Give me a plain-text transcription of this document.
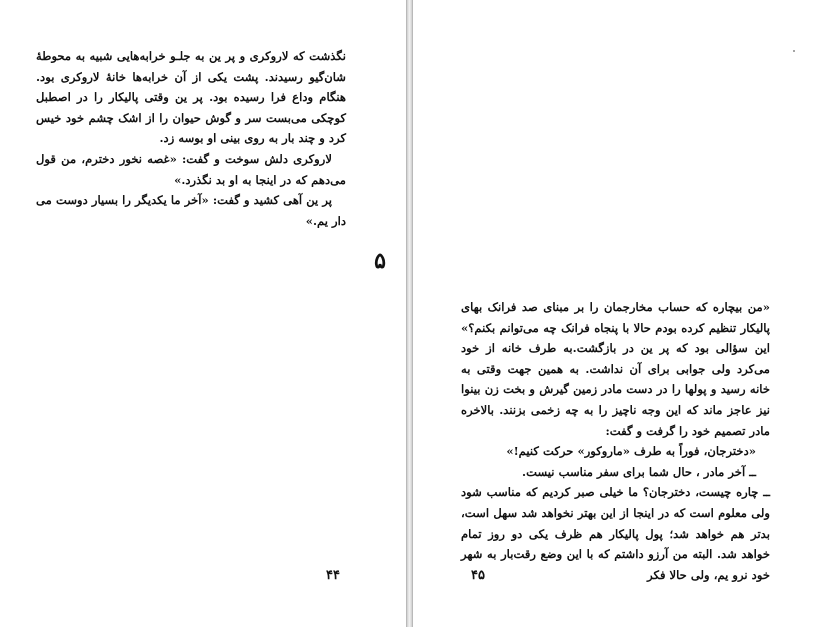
نگذشت که لاروکری و پر ین به جلـو خرابه‌هایی شبیه به محوطهٔ شان‌گیو رسیدند. پشت یکی از آن خرابه‌ها خانهٔ لاروکری بود. هنگام وداع فرا رسیده بود. پر ین وقتی پالیکار را در اصطبل کوچکی می‌بست سر و گوش حیوان را از اشک چشم خود خیس کرد و چند بار به روی بینی او بوسه زد.

لاروکری دلش سوخت و گفت: «غصه نخور دخترم، من قول می‌دهم که در اینجا به او بد نگذرد.»

پر ین آهی کشید و گفت: «آخر ما یکدیگر را بسیار دوست می دار یم.»

۴۴
۵

«من بیچاره که حساب مخارجمان را بر مبنای صد فرانک بهای پالیکار تنظیم کرده بودم حالا با پنجاه فرانک چه می‌توانم بکنم؟» این سؤالی بود که پر ین در بازگشت.به طرف خانه از خود می‌کرد ولی جوابی برای آن نداشت. به همین جهت وقتی به خانه رسید و پولها را در دست مادر زمین گیرش و بخت زن بینوا نیز عاجز ماند که این وجه ناچیز را به چه زخمی بزنند. بالاخره مادر تصمیم خود را گرفت و گفت:

«دخترجان، فوراً به طرف «ماروکور» حرکت کنیم!»

ــ آخر مادر ، حال شما برای سفر مناسب نیست.

ــ چاره چیست، دخترجان؟ ما خیلی صبر کردیم که مناسب شود ولی معلوم است که در اینجا از این بهتر نخواهد شد سهل است، بدتر هم خواهد شد؛ پول پالیکار هم ظرف یکی دو روز تمام خواهد شد. البته من آرزو داشتم که با این وضع رقت‌بار به شهر خود نرو یم، ولی حالا فکر

۴۵
